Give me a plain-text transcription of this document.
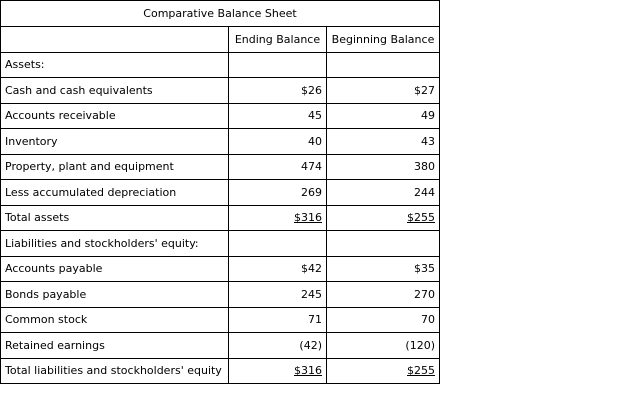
Comparative Balance Sheet		
	Ending Balance	Beginning Balance
Assets:		
Cash and cash equivalents	$26	$27
Accounts receivable	45	49
Inventory	40	43
Property, plant and equipment	474	380
Less accumulated depreciation	269	244
Total assets	$316	$255
Liabilities and stockholders' equity:		
Accounts payable	$42	$35
Bonds payable	245	270
Common stock	71	70
Retained earnings	(42)	(120)
Total liabilities and stockholders' equity	$316	$255
